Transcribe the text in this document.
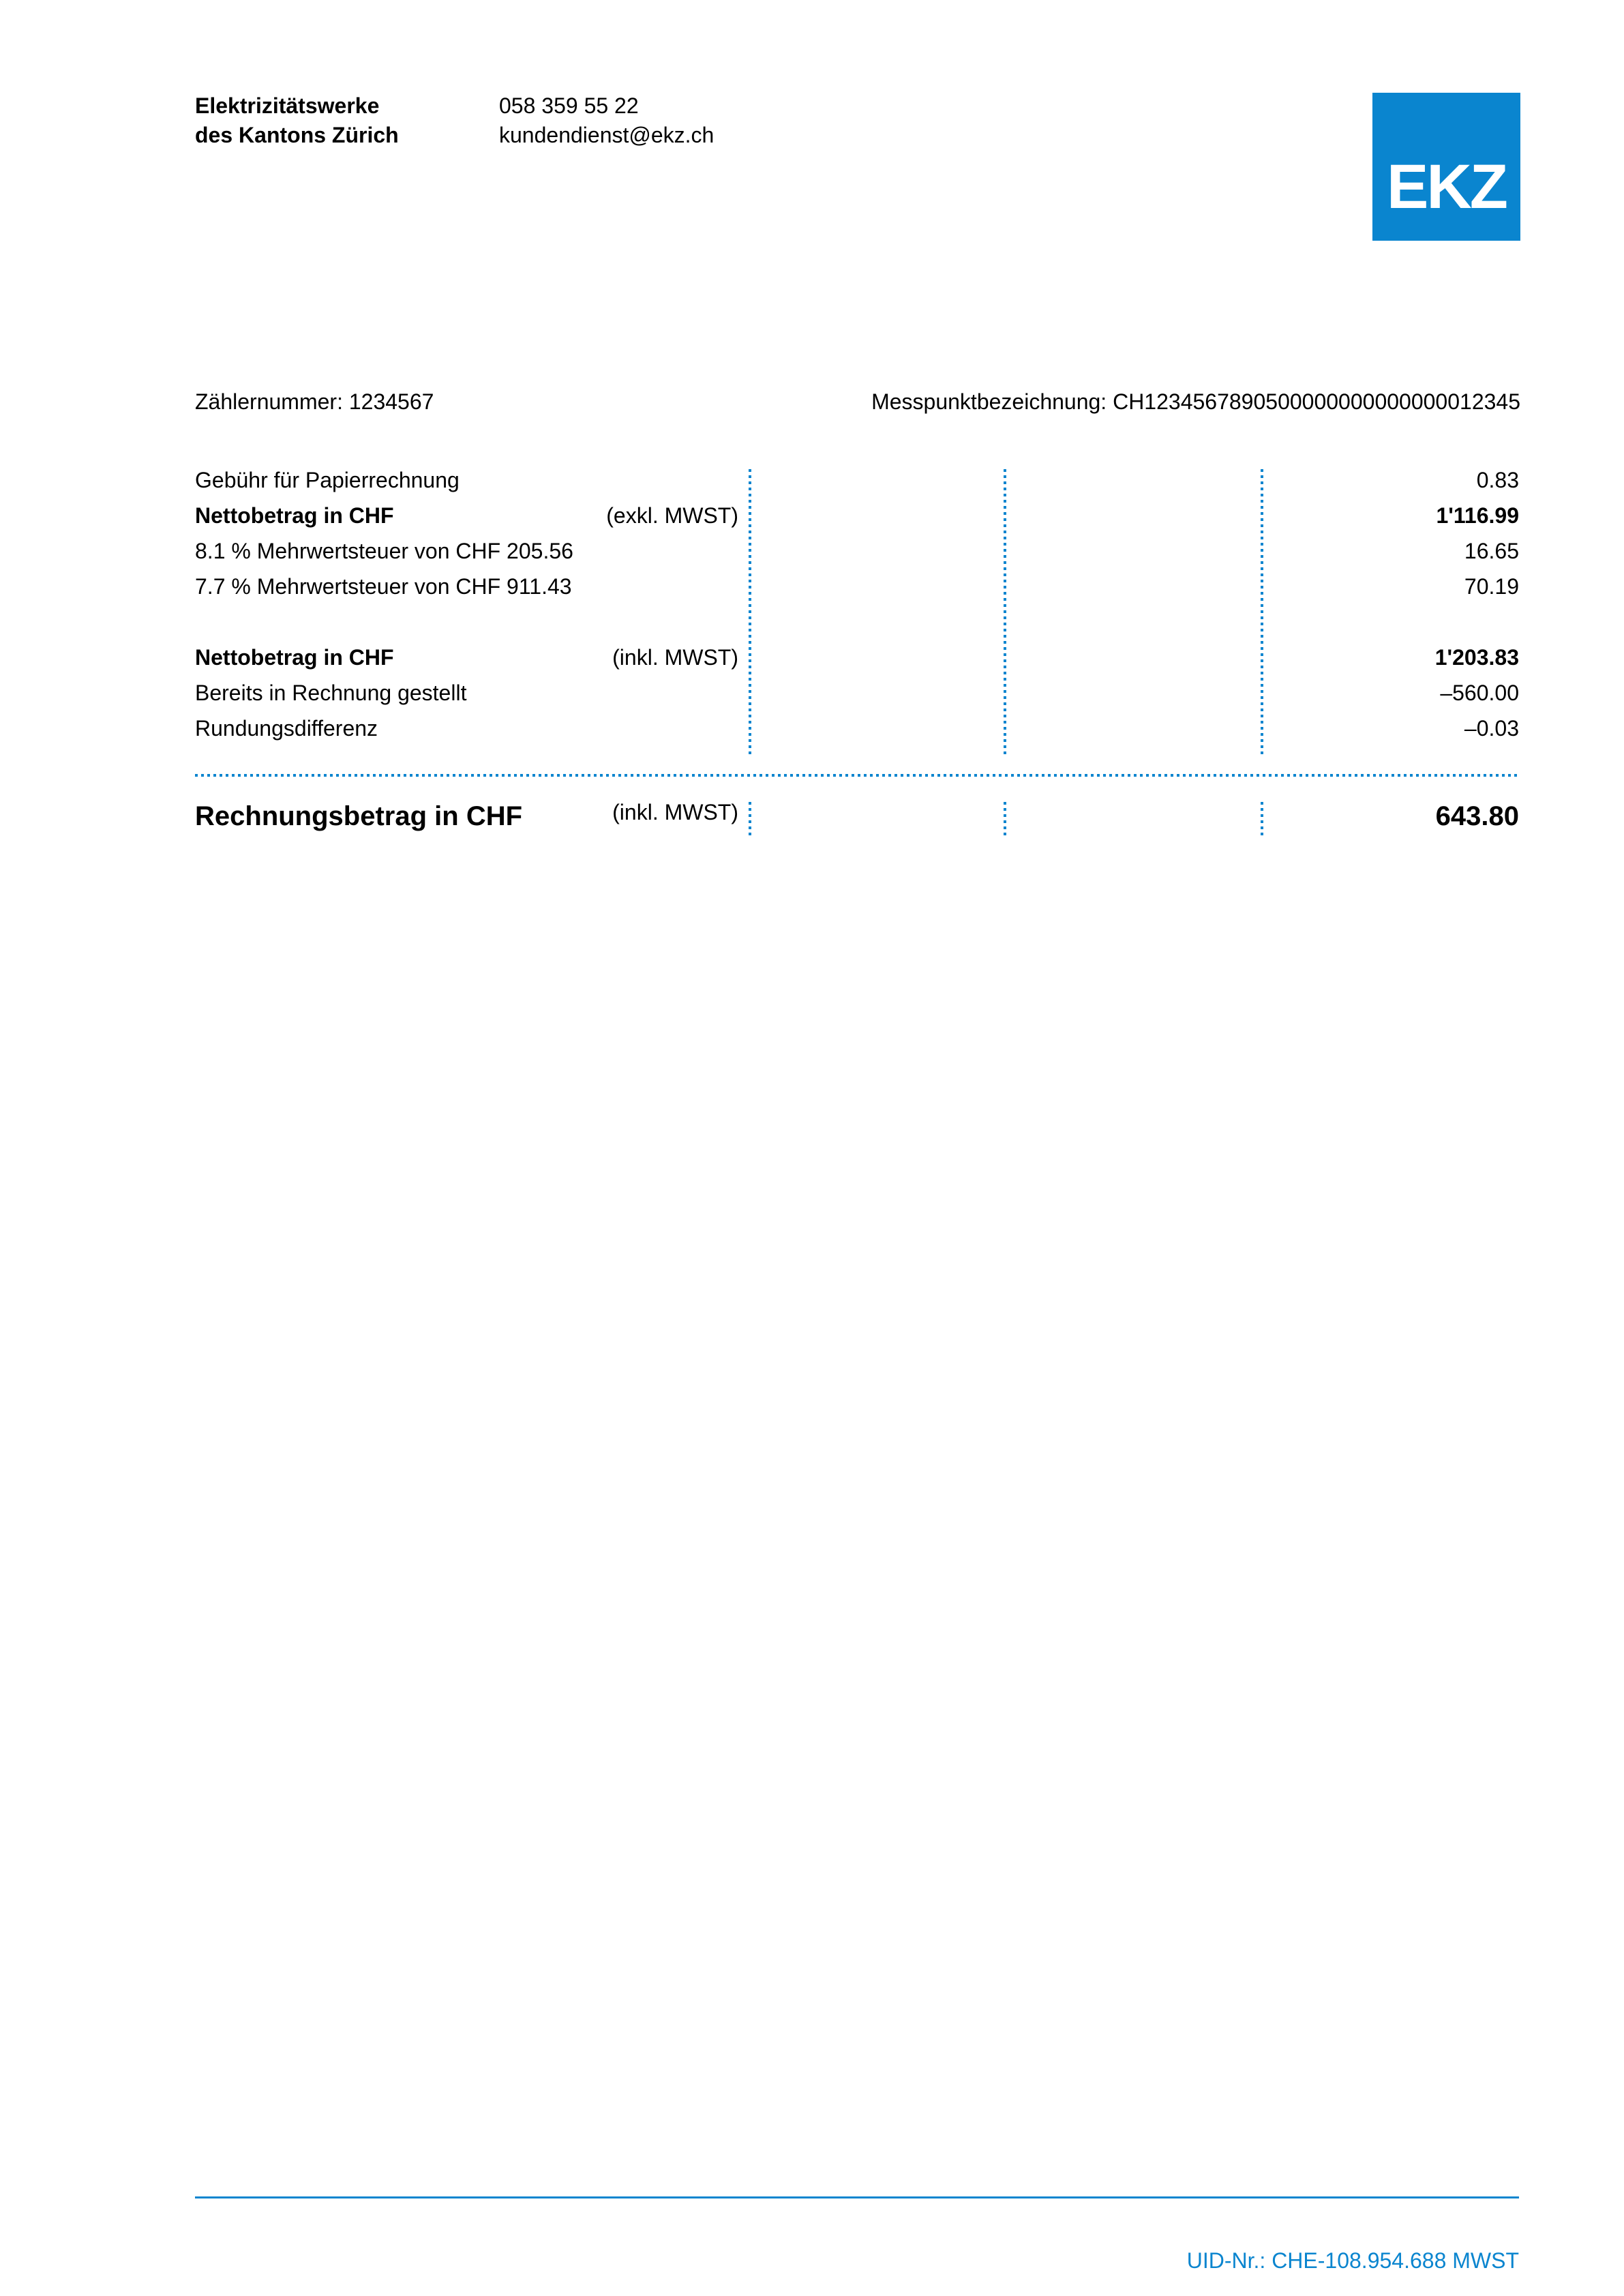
Elektrizitätswerke
des Kantons Zürich
058 359 55 22
kundendienst@ekz.ch
EKZ
Zählernummer: 1234567	Messpunktbezeichnung: CH1234567890500000000000000012345
Gebühr für Papierrechnung	0.83
Nettobetrag in CHF	(exkl. MWST)	1'116.99
8.1 % Mehrwertsteuer von CHF 205.56	16.65
7.7 % Mehrwertsteuer von CHF 911.43	70.19
Nettobetrag in CHF	(inkl. MWST)	1'203.83
Bereits in Rechnung gestellt	–560.00
Rundungsdifferenz	–0.03
Rechnungsbetrag in CHF	(inkl. MWST)	643.80
UID-Nr.: CHE-108.954.688 MWST
